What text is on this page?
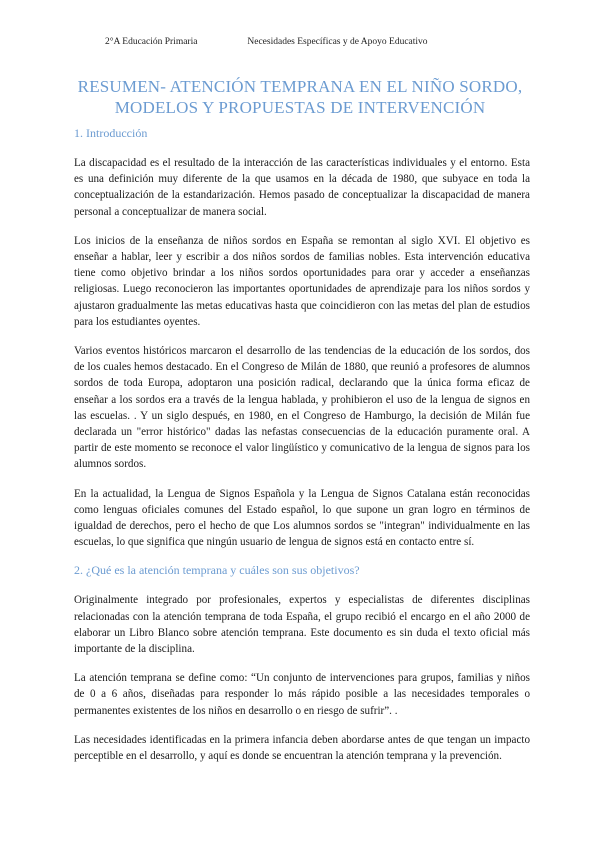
2°A Educación Primaria	Necesidades Específicas y de Apoyo Educativo
RESUMEN- ATENCIÓN TEMPRANA EN EL NIÑO SORDO,
MODELOS Y PROPUESTAS DE INTERVENCIÓN
1. Introducción

La discapacidad es el resultado de la interacción de las características individuales y el entorno. Esta es una definición muy diferente de la que usamos en la década de 1980, que subyace en toda la conceptualización de la estandarización. Hemos pasado de conceptualizar la discapacidad de manera personal a conceptualizar de manera social.

Los inicios de la enseñanza de niños sordos en España se remontan al siglo XVI. El objetivo es enseñar a hablar, leer y escribir a dos niños sordos de familias nobles. Esta intervención educativa tiene como objetivo brindar a los niños sordos oportunidades para orar y acceder a enseñanzas religiosas. Luego reconocieron las importantes oportunidades de aprendizaje para los niños sordos y ajustaron gradualmente las metas educativas hasta que coincidieron con las metas del plan de estudios para los estudiantes oyentes.

Varios eventos históricos marcaron el desarrollo de las tendencias de la educación de los sordos, dos de los cuales hemos destacado. En el Congreso de Milán de 1880, que reunió a profesores de alumnos sordos de toda Europa, adoptaron una posición radical, declarando que la única forma eficaz de enseñar a los sordos era a través de la lengua hablada, y prohibieron el uso de la lengua de signos en las escuelas. . Y un siglo después, en 1980, en el Congreso de Hamburgo, la decisión de Milán fue declarada un "error histórico" dadas las nefastas consecuencias de la educación puramente oral. A partir de este momento se reconoce el valor lingüístico y comunicativo de la lengua de signos para los alumnos sordos.

En la actualidad, la Lengua de Signos Española y la Lengua de Signos Catalana están reconocidas como lenguas oficiales comunes del Estado español, lo que supone un gran logro en términos de igualdad de derechos, pero el hecho de que Los alumnos sordos se "integran" individualmente en las escuelas, lo que significa que ningún usuario de lengua de signos está en contacto entre sí.

2. ¿Qué es la atención temprana y cuáles son sus objetivos?

Originalmente integrado por profesionales, expertos y especialistas de diferentes disciplinas relacionadas con la atención temprana de toda España, el grupo recibió el encargo en el año 2000 de elaborar un Libro Blanco sobre atención temprana. Este documento es sin duda el texto oficial más importante de la disciplina.

La atención temprana se define como: “Un conjunto de intervenciones para grupos, familias y niños de 0 a 6 años, diseñadas para responder lo más rápido posible a las necesidades temporales o permanentes existentes de los niños en desarrollo o en riesgo de sufrir”. .

Las necesidades identificadas en la primera infancia deben abordarse antes de que tengan un impacto perceptible en el desarrollo, y aquí es donde se encuentran la atención temprana y la prevención.
